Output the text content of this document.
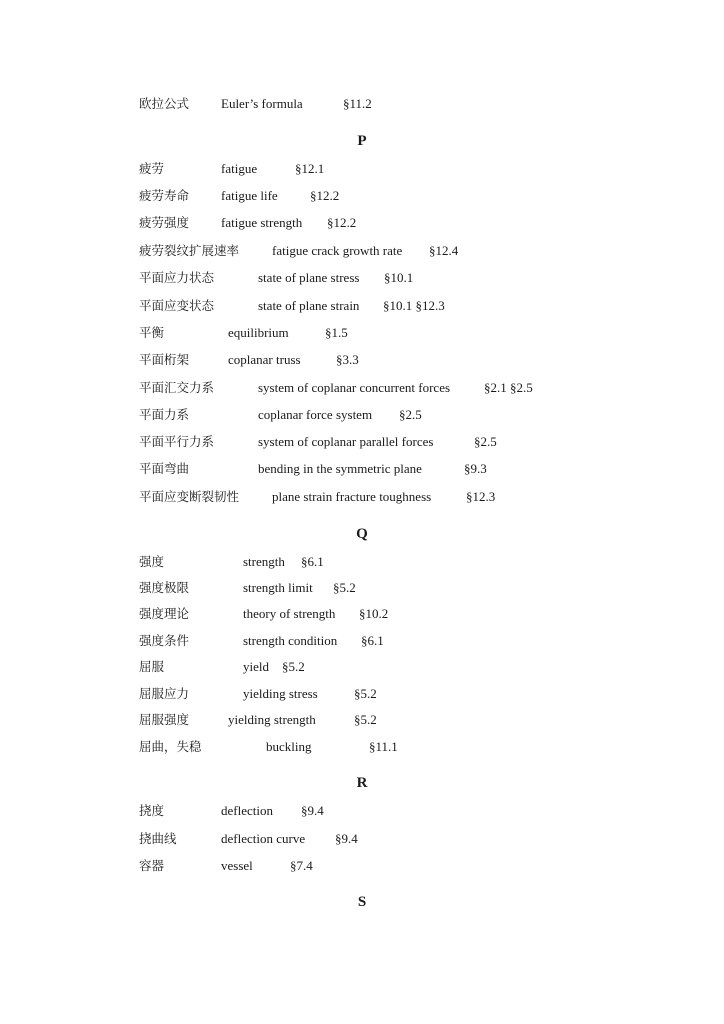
欧拉公式 Euler’s formula	§11.2
P
疲劳	fatigue	§12.1
疲劳寿命 fatigue life §12.2
疲劳强度 fatigue strength §12.2
疲劳裂纹扩展速率	fatigue crack growth rate §12.4
平面应力状态	state of plane stress §10.1
平面应变状态	state of plane strain §10.1 §12.3
平衡	equilibrium	§1.5
平面桁架	coplanar truss	§3.3
平面汇交力系	system of coplanar concurrent forces	§2.1 §2.5
平面力系	coplanar force system §2.5
平面平行力系	system of coplanar parallel forces	§2.5
平面弯曲	bending in the symmetric plane	§9.3
平面应变断裂韧性	plane strain fracture toughness	§12.3
Q
强度	strength §6.1
强度极限	strength limit §5.2
强度理论	theory of strength §10.2
强度条件	strength condition §6.1
屈服	yield §5.2
屈服应力	yielding stress	§5.2
屈服强度	yielding strength	§5.2
屈曲，失稳	buckling	§11.1
R
挠度	deflection §9.4
挠曲线	deflection curve §9.4
容器	vessel	§7.4
S
